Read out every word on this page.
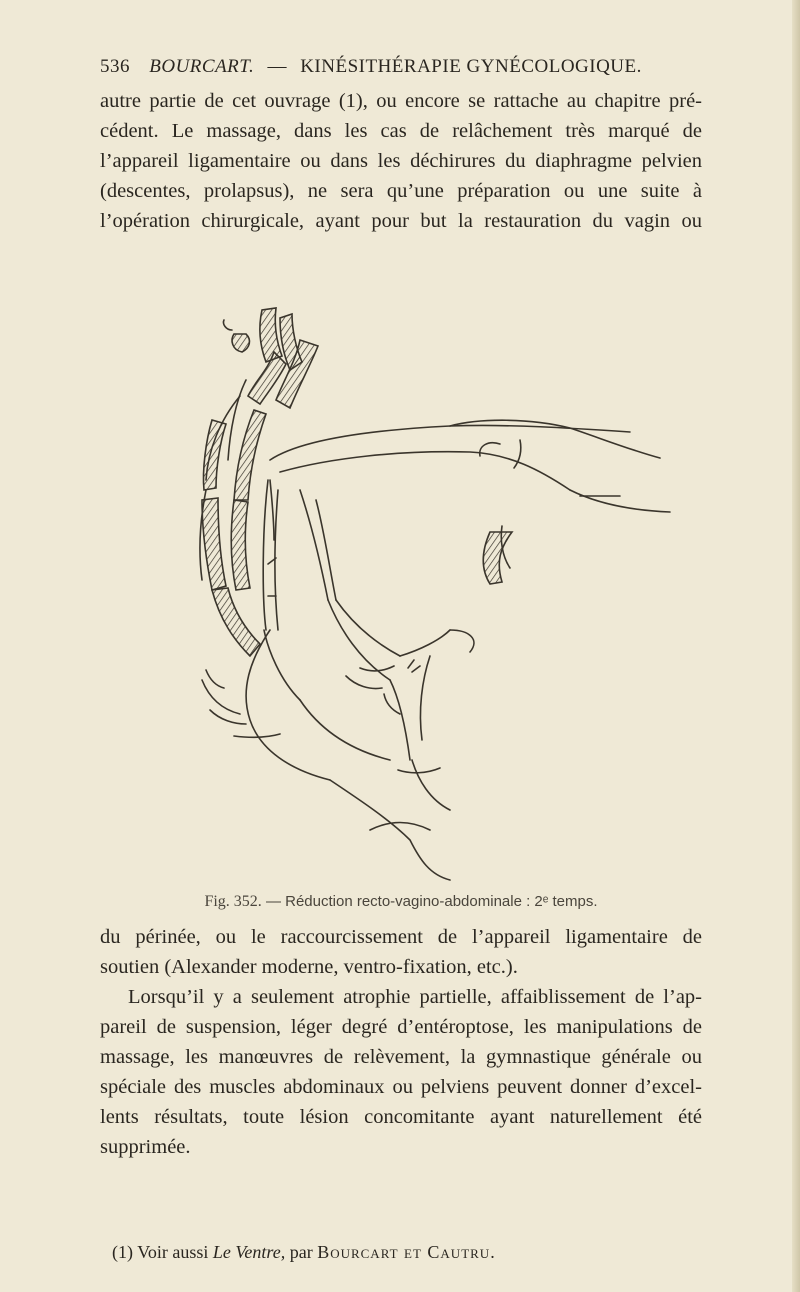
536 BOURCART. — KINÉSITHÉRAPIE GYNÉCOLOGIQUE.
autre partie de cet ouvrage (1), ou encore se rattache au chapitre pré-
cédent. Le massage, dans les cas de relâchement très marqué de
l’appareil ligamentaire ou dans les déchirures du diaphragme pelvien
(descentes, prolapsus), ne sera qu’une préparation ou une suite à
l’opération chirurgicale, ayant pour but la restauration du vagin ou
Fig. 352. — Réduction recto-vagino-abdominale : 2ᵉ temps.
du périnée, ou le raccourcissement de l’appareil ligamentaire de
soutien (Alexander moderne, ventro-fixation, etc.).
Lorsqu’il y a seulement atrophie partielle, affaiblissement de l’ap-
pareil de suspension, léger degré d’entéroptose, les manipulations de
massage, les manœuvres de relèvement, la gymnastique générale ou
spéciale des muscles abdominaux ou pelviens peuvent donner d’excel-
lents résultats, toute lésion concomitante ayant naturellement été
supprimée.
(1) Voir aussi Le Ventre, par Bourcart et Cautru.
